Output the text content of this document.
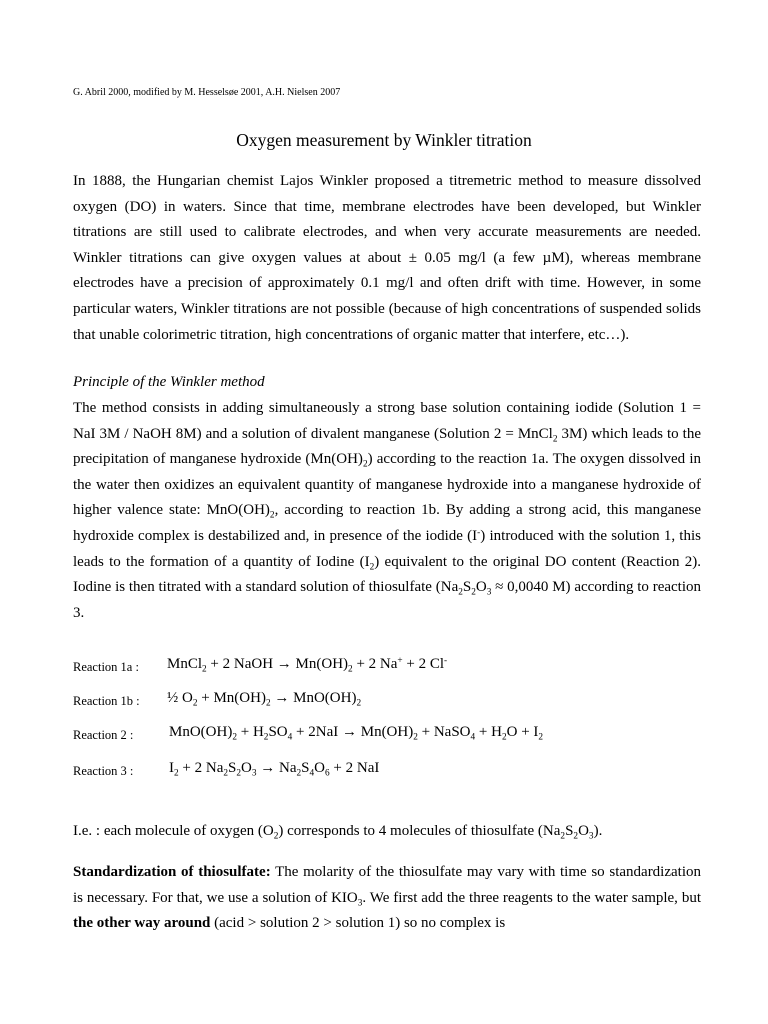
G. Abril 2000, modified by M. Hesselsøe 2001, A.H. Nielsen 2007
Oxygen measurement by Winkler titration

In 1888, the Hungarian chemist Lajos Winkler proposed a titremetric method to measure dissolved oxygen (DO) in waters. Since that time, membrane electrodes have been developed, but Winkler titrations are still used to calibrate electrodes, and when very accurate measurements are needed. Winkler titrations can give oxygen values at about ± 0.05 mg/l (a few µM), whereas membrane electrodes have a precision of approximately 0.1 mg/l and often drift with time. However, in some particular waters, Winkler titrations are not possible (because of high concentrations of suspended solids that unable colorimetric titration, high concentrations of organic matter that interfere, etc…).

Principle of the Winkler method

The method consists in adding simultaneously a strong base solution containing iodide (Solution 1 = NaI 3M / NaOH 8M) and a solution of divalent manganese (Solution 2 = MnCl$_2$ 3M) which leads to the precipitation of manganese hydroxide $(Mn(OH)_2)$ according to the reaction 1a. The oxygen dissolved in the water then oxidizes an equivalent quantity of manganese hydroxide into a manganese hydroxide of higher valence state: $MnO(OH)_2$, according to reaction 1b. By adding a strong acid, this manganese hydroxide complex is destabilized and, in presence of the iodide (I-) introduced with the solution 1, this leads to the formation of a quantity of Iodine $(I_2)$ equivalent to the original DO content (Reaction 2). Iodine is then titrated with a standard solution of thiosulfate ($Na_2S_2O_3 \approx 0,0040$ M) according to reaction 3.

Reaction 1a : MnCl$_2$ + 2 NaOH → $Mn(OH)_2 + 2$ Na+ + 2 Cl-
Reaction 1b : ½ $O_2 + Mn(OH)_2 \to MnO(OH)_2$
Reaction 2 : $MnO(OH)_2 + H_2SO_4 + 2NaI \to Mn(OH)_2$ + NaSO$_4$ + $H_2O + I_2$
Reaction 3 : $I_2 + 2$ $Na_2S_2O_3 \to Na_2S_4O_6 + 2$ NaI
I.e. : each molecule of oxygen $(O_2)$ corresponds to 4 molecules of thiosulfate $(Na_2S_2O_3)$.

Standardization of thiosulfate: The molarity of the thiosulfate may vary with time so standardization is necessary. For that, we use a solution of $KIO_3$. We first add the three reagents to the water sample, but the other way around (acid > solution 2 > solution 1) so no complex is
